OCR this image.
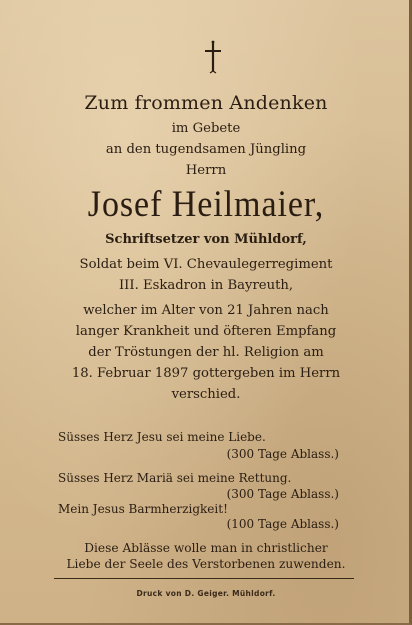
Zum frommen Andenken
im Gebete
an den tugendsamen Jüngling
Herrn
Josef Heilmaier,
Schriftsetzer von Mühldorf,
Soldat beim VI. Chevaulegerregiment
III. Eskadron in Bayreuth,
welcher im Alter von 21 Jahren nach
langer Krankheit und öfteren Empfang
der Tröstungen der hl. Religion am
18. Februar 1897 gottergeben im Herrn
verschied.
Süsses Herz Jesu sei meine Liebe.
(300 Tage Ablass.)
Süsses Herz Mariä sei meine Rettung.
(300 Tage Ablass.)
Mein Jesus Barmherzigkeit!
(100 Tage Ablass.)
Diese Ablässe wolle man in christlicher
Liebe der Seele des Verstorbenen zuwenden.
Druck von D. Geiger. Mühldorf.
